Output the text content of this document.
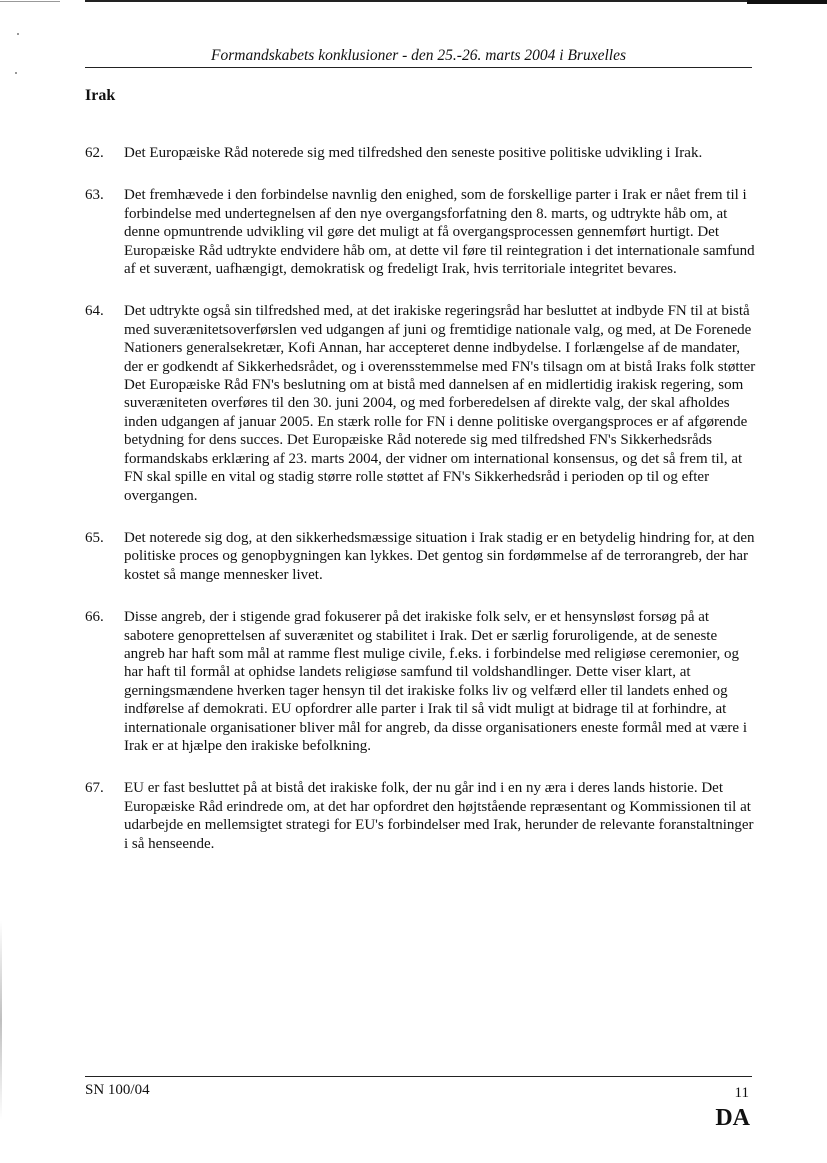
Formandskabets konklusioner - den 25.-26. marts 2004 i Bruxelles
Irak
62.	Det Europæiske Råd noterede sig med tilfredshed den seneste positive politiske udvikling i Irak.
63.	Det fremhævede i den forbindelse navnlig den enighed, som de forskellige parter i Irak er nået frem til i forbindelse med undertegnelsen af den nye overgangsforfatning den 8. marts, og udtrykte håb om, at denne opmuntrende udvikling vil gøre det muligt at få overgangsprocessen gennemført hurtigt. Det Europæiske Råd udtrykte endvidere håb om, at dette vil føre til reintegration i det internationale samfund af et suverænt, uafhængigt, demokratisk og fredeligt Irak, hvis territoriale integritet bevares.
64.	Det udtrykte også sin tilfredshed med, at det irakiske regeringsråd har besluttet at indbyde FN til at bistå med suverænitetsoverførslen ved udgangen af juni og fremtidige nationale valg, og med, at De Forenede Nationers generalsekretær, Kofi Annan, har accepteret denne indbydelse. I forlængelse af de mandater, der er godkendt af Sikkerhedsrådet, og i overensstemmelse med FN's tilsagn om at bistå Iraks folk støtter Det Europæiske Råd FN's beslutning om at bistå med dannelsen af en midlertidig irakisk regering, som suveræniteten overføres til den 30. juni 2004, og med forberedelsen af direkte valg, der skal afholdes inden udgangen af januar 2005. En stærk rolle for FN i denne politiske overgangsproces er af afgørende betydning for dens succes. Det Europæiske Råd noterede sig med tilfredshed FN's Sikkerhedsråds formandskabs erklæring af 23. marts 2004, der vidner om international konsensus, og det så frem til, at FN skal spille en vital og stadig større rolle støttet af FN's Sikkerhedsråd i perioden op til og efter overgangen.
65.	Det noterede sig dog, at den sikkerhedsmæssige situation i Irak stadig er en betydelig hindring for, at den politiske proces og genopbygningen kan lykkes. Det gentog sin fordømmelse af de terrorangreb, der har kostet så mange mennesker livet.
66.	Disse angreb, der i stigende grad fokuserer på det irakiske folk selv, er et hensynsløst forsøg på at sabotere genoprettelsen af suverænitet og stabilitet i Irak. Det er særlig foruroligende, at de seneste angreb har haft som mål at ramme flest mulige civile, f.eks. i forbindelse med religiøse ceremonier, og har haft til formål at ophidse landets religiøse samfund til voldshandlinger. Dette viser klart, at gerningsmændene hverken tager hensyn til det irakiske folks liv og velfærd eller til landets enhed og indførelse af demokrati. EU opfordrer alle parter i Irak til så vidt muligt at bidrage til at forhindre, at internationale organisationer bliver mål for angreb, da disse organisationers eneste formål med at være i Irak er at hjælpe den irakiske befolkning.
67.	EU er fast besluttet på at bistå det irakiske folk, der nu går ind i en ny æra i deres lands historie. Det Europæiske Råd erindrede om, at det har opfordret den højtstående repræsentant og Kommissionen til at udarbejde en mellemsigtet strategi for EU's forbindelser med Irak, herunder de relevante foranstaltninger i så henseende.
SN 100/04	11
DA
